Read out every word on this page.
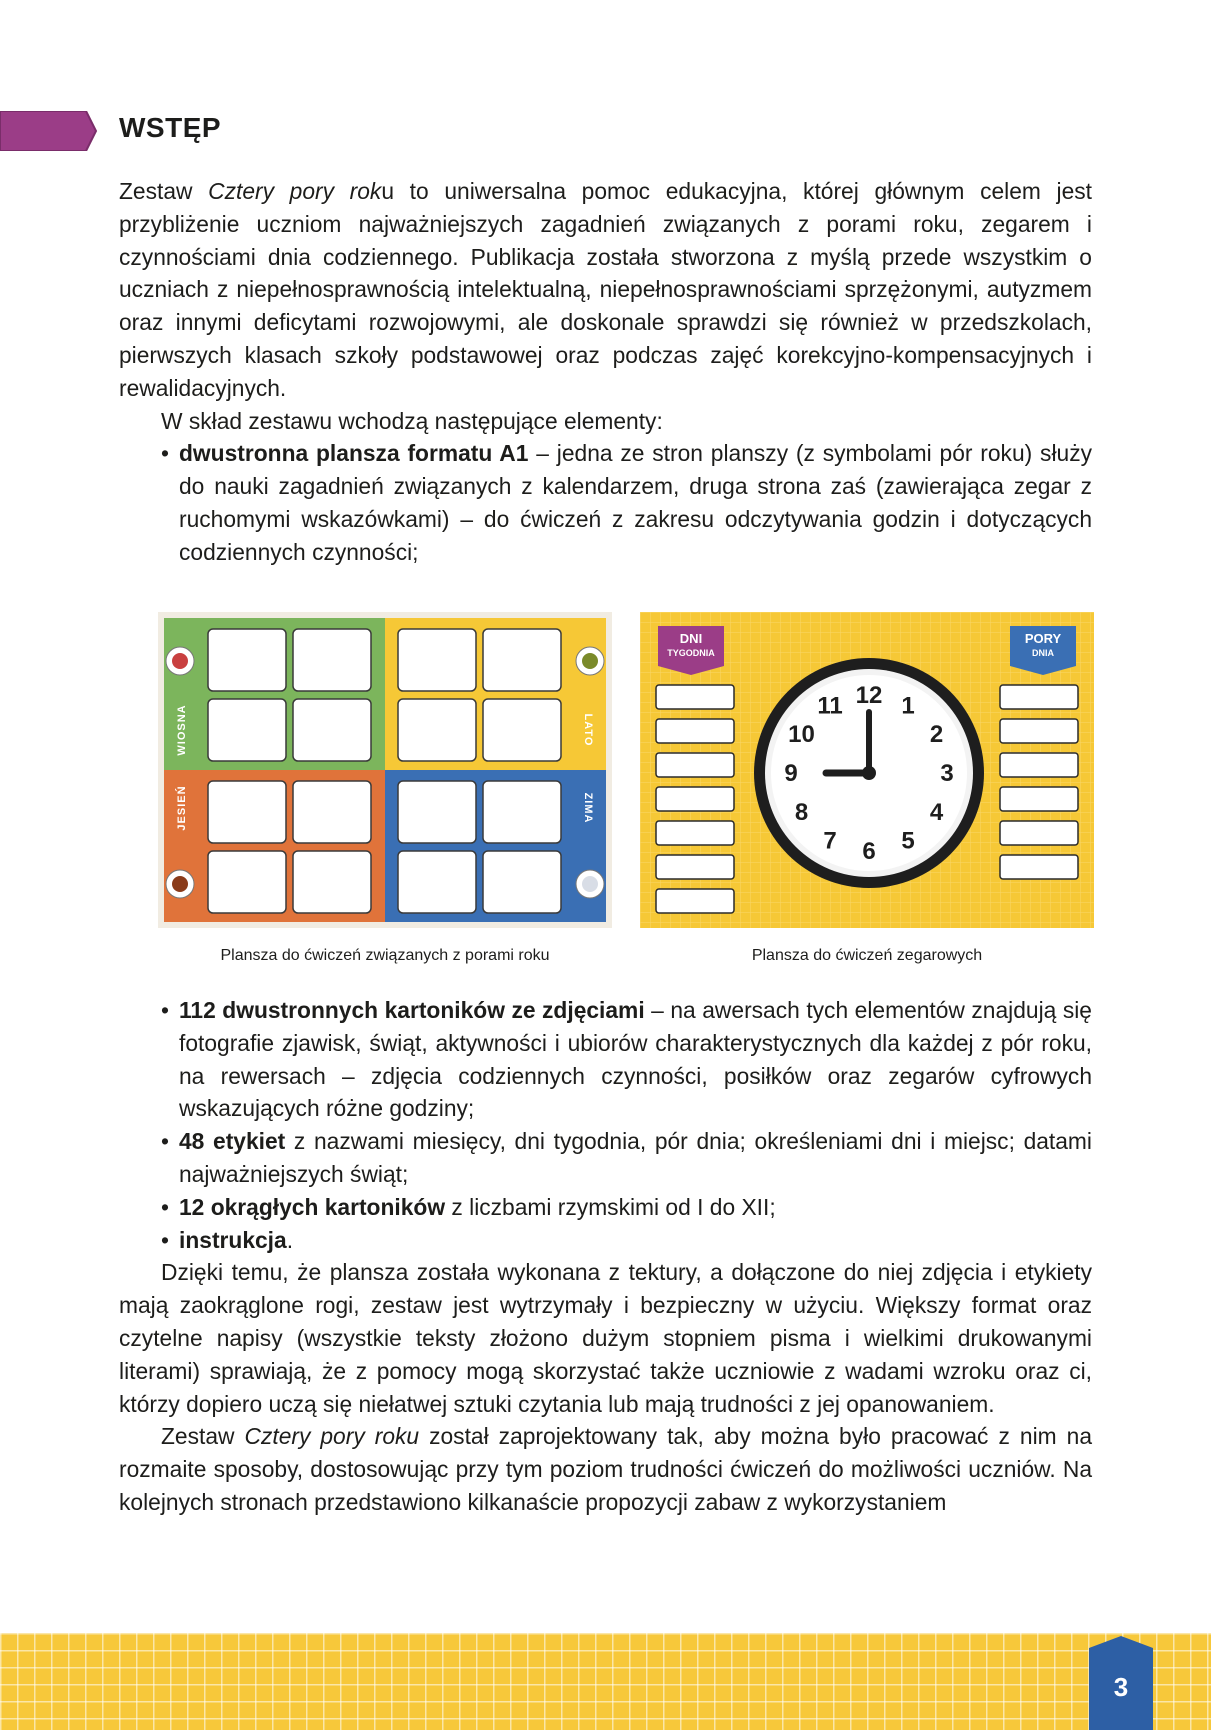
WSTĘP

Zestaw Cztery pory roku to uniwersalna pomoc edukacyjna, której głównym celem jest przybliżenie uczniom najważniejszych zagadnień związanych z porami roku, zegarem i czynnościami dnia codziennego. Publikacja została stworzona z myślą przede wszystkim o uczniach z niepełnosprawnością intelektualną, niepełnosprawnościami sprzężonymi, autyzmem oraz innymi deficytami rozwojowymi, ale doskonale sprawdzi się również w przedszkolach, pierwszych klasach szkoły podstawowej oraz podczas zajęć korekcyjno-kompensacyjnych i rewalidacyjnych.

W skład zestawu wchodzą następujące elementy:

• dwustronna plansza formatu A1 – jedna ze stron planszy (z symbolami pór roku) służy do nauki zagadnień związanych z kalendarzem, druga strona zaś (zawierająca zegar z ruchomymi wskazówkami) – do ćwiczeń z zakresu odczytywania godzin i dotyczących codziennych czynności;
WIOSNA	LATO
JESIEŃ	ZIMA
Plansza do ćwiczeń związanych z porami roku
DNI
TYGODNIA
PORY
DNIA
12 1
2
3
4
5
6
7
8
9
10
11
Plansza do ćwiczeń zegarowych
• 112 dwustronnych kartoników ze zdjęciami – na awersach tych elementów znajdują się fotografie zjawisk, świąt, aktywności i ubiorów charakterystycznych dla każdej z pór roku, na rewersach – zdjęcia codziennych czynności, posiłków oraz zegarów cyfrowych wskazujących różne godziny;
• 48 etykiet z nazwami miesięcy, dni tygodnia, pór dnia; określeniami dni i miejsc; datami najważniejszych świąt;
• 12 okrągłych kartoników z liczbami rzymskimi od I do XII;
• instrukcja.

Dzięki temu, że plansza została wykonana z tektury, a dołączone do niej zdjęcia i etykiety mają zaokrąglone rogi, zestaw jest wytrzymały i bezpieczny w użyciu. Większy format oraz czytelne napisy (wszystkie teksty złożono dużym stopniem pisma i wielkimi drukowanymi literami) sprawiają, że z pomocy mogą skorzystać także uczniowie z wadami wzroku oraz ci, którzy dopiero uczą się niełatwej sztuki czytania lub mają trudności z jej opanowaniem.

Zestaw Cztery pory roku został zaprojektowany tak, aby można było pracować z nim na rozmaite sposoby, dostosowując przy tym poziom trudności ćwiczeń do możliwości uczniów. Na kolejnych stronach przedstawiono kilkanaście propozycji zabaw z wykorzystaniem

3
